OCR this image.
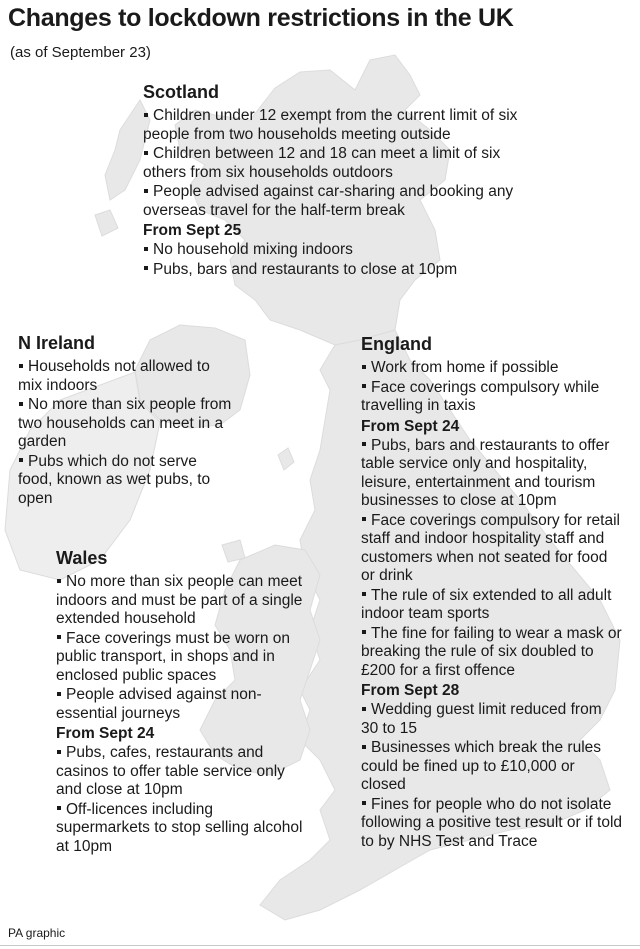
Changes to lockdown restrictions in the UK
(as of September 23)
Scotland
Children under 12 exempt from the current limit of six people from two households meeting outside
Children between 12 and 18 can meet a limit of six others from six households outdoors
People advised against car-sharing and booking any overseas travel for the half-term break
From Sept 25
No household mixing indoors
Pubs, bars and restaurants to close at 10pm
N Ireland
Households not allowed to mix indoors
No more than six people from two households can meet in a garden
Pubs which do not serve food, known as wet pubs, to open
England
Work from home if possible
Face coverings compulsory while travelling in taxis
From Sept 24
Pubs, bars and restaurants to offer table service only and hospitality, leisure, entertainment and tourism businesses to close at 10pm
Face coverings compulsory for retail staff and indoor hospitality staff and customers when not seated for food or drink
The rule of six extended to all adult indoor team sports
The fine for failing to wear a mask or breaking the rule of six doubled to £200 for a first offence
From Sept 28
Wedding guest limit reduced from 30 to 15
Businesses which break the rules could be fined up to £10,000 or closed
Fines for people who do not isolate following a positive test result or if told to by NHS Test and Trace
Wales
No more than six people can meet indoors and must be part of a single extended household
Face coverings must be worn on public transport, in shops and in enclosed public spaces
People advised against non-essential journeys
From Sept 24
Pubs, cafes, restaurants and casinos to offer table service only and close at 10pm
Off-licences including supermarkets to stop selling alcohol at 10pm
PA graphic
